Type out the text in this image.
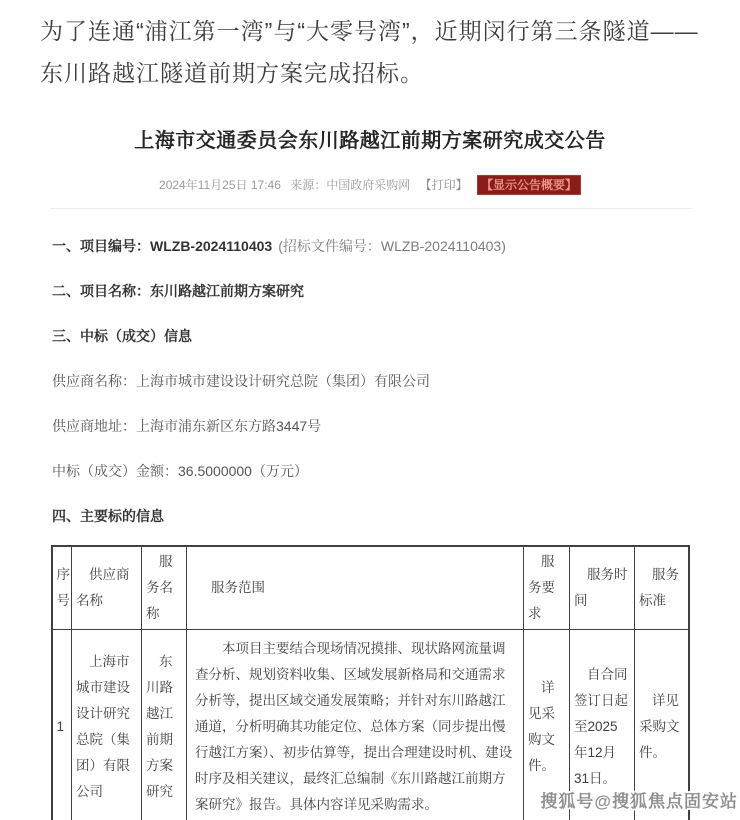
为了连通“浦江第一湾”与“大零号湾”，近期闵行第三条隧道——东川路越江隧道前期方案完成招标。

上海市交通委员会东川路越江前期方案研究成交公告
2024年11月25日 17:46 来源：中国政府采购网 【打印】 【显示公告概要】

一、项目编号：WLZB-2024110403 (招标文件编号：WLZB-2024110403)

二、项目名称：东川路越江前期方案研究

三、中标（成交）信息

供应商名称：上海市城市建设设计研究总院（集团）有限公司

供应商地址：上海市浦东新区东方路3447号

中标（成交）金额：36.5000000（万元）

四、主要标的信息

序号	供应商名称	服务名称	服务范围	服务要求	服务时间	服务标准
1	上海市城市建设设计研究总院（集团）有限公司	东川路越江前期方案研究	本项目主要结合现场情况摸排、现状路网流量调查分析、规划资料收集、区域发展新格局和交通需求分析等，提出区域交通发展策略；并针对东川路越江通道，分析明确其功能定位、总体方案（同步提出慢行越江方案）、初步估算等，提出合理建设时机、建设时序及相关建议，最终汇总编制《东川路越江前期方案研究》报告。具体内容详见采购需求。	详见采购文件。	自合同签订日起至2025年12月31日。	详见采购文件。

搜狐号@搜狐焦点固安站
